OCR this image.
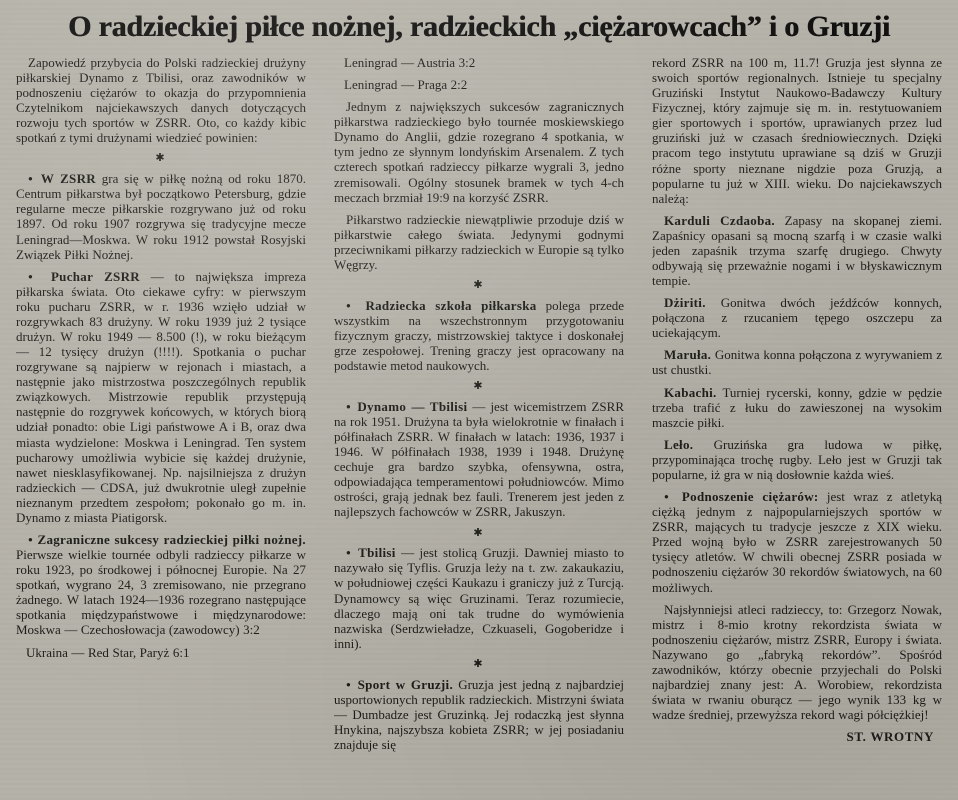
O radzieckiej piłce nożnej, radzieckich „ciężarowcach” i o Gruzji

Zapowiedź przybycia do Polski radzieckiej drużyny piłkarskiej Dynamo z Tbilisi, oraz zawodników w podnoszeniu ciężarów to okazja do przypomnienia Czytelnikom najciekawszych danych dotyczących rozwoju tych sportów w ZSRR. Oto, co każdy kibic spotkań z tymi drużynami wiedzieć powinien:

✱

● W ZSRR gra się w piłkę nożną od roku 1870. Centrum piłkarstwa był początkowo Petersburg, gdzie regularne mecze piłkarskie rozgrywano już od roku 1897. Od roku 1907 rozgrywa się tradycyjne mecze Leningrad—Moskwa. W roku 1912 powstał Rosyjski Związek Piłki Nożnej.

● Puchar ZSRR — to największa impreza piłkarska świata. Oto ciekawe cyfry: w pierwszym roku pucharu ZSRR, w r. 1936 wzięło udział w rozgrywkach 83 drużyny. W roku 1939 już 2 tysiące drużyn. W roku 1949 — 8.500 (!), w roku bieżącym — 12 tysięcy drużyn (!!!!). Spotkania o puchar rozgrywane są najpierw w rejonach i miastach, a następnie jako mistrzostwa poszczególnych republik związkowych. Mistrzowie republik przystępują następnie do rozgrywek końcowych, w których biorą udział ponadto: obie Ligi państwowe A i B, oraz dwa miasta wydzielone: Moskwa i Leningrad. Ten system pucharowy umożliwia wybicie się każdej drużynie, nawet niesklasyfikowanej. Np. najsilniejsza z drużyn radzieckich — CDSA, już dwukrotnie uległ zupełnie nieznanym przedtem zespołom; pokonało go m. in. Dynamo z miasta Piatigorsk.

● Zagraniczne sukcesy radzieckiej piłki nożnej. Pierwsze wielkie tournée odbyli radzieccy piłkarze w roku 1923, po środkowej i północnej Europie. Na 27 spotkań, wygrano 24, 3 zremisowano, nie przegrano żadnego. W latach 1924—1936 rozegrano następujące spotkania międzypaństwowe i międzynarodowe: Moskwa — Czechosłowacja (zawodowcy) 3:2

Ukraina — Red Star, Paryż 6:1

Leningrad — Austria 3:2

Leningrad — Praga 2:2

Jednym z największych sukcesów zagranicznych piłkarstwa radzieckiego było tournée moskiewskiego Dynamo do Anglii, gdzie rozegrano 4 spotkania, w tym jedno ze słynnym londyńskim Arsenalem. Z tych czterech spotkań radzieccy piłkarze wygrali 3, jedno zremisowali. Ogólny stosunek bramek w tych 4-ch meczach brzmiał 19:9 na korzyść ZSRR.

Piłkarstwo radzieckie niewątpliwie przoduje dziś w piłkarstwie całego świata. Jedynymi godnymi przeciwnikami piłkarzy radzieckich w Europie są tylko Węgrzy.

✱

● Radziecka szkoła piłkarska polega przede wszystkim na wszechstronnym przygotowaniu fizycznym graczy, mistrzowskiej taktyce i doskonałej grze zespołowej. Trening graczy jest opracowany na podstawie metod naukowych.

✱

● Dynamo — Tbilisi — jest wicemistrzem ZSRR na rok 1951. Drużyna ta była wielokrotnie w finałach i półfinałach ZSRR. W finałach w latach: 1936, 1937 i 1946. W półfinałach 1938, 1939 i 1948. Drużynę cechuje gra bardzo szybka, ofensywna, ostra, odpowiadająca temperamentowi południowców. Mimo ostrości, grają jednak bez fauli. Trenerem jest jeden z najlepszych fachowców w ZSRR, Jakuszyn.

✱

● Tbilisi — jest stolicą Gruzji. Dawniej miasto to nazywało się Tyflis. Gruzja leży na t. zw. zakaukaziu, w południowej części Kaukazu i graniczy już z Turcją. Dynamowcy są więc Gruzinami. Teraz rozumiecie, dlaczego mają oni tak trudne do wymówienia nazwiska (Serdzwieładze, Czkuaseli, Gogoberidze i inni).

✱

● Sport w Gruzji. Gruzja jest jedną z najbardziej usportowionych republik radzieckich. Mistrzyni świata — Dumbadze jest Gruzinką. Jej rodaczką jest słynna Hnykina, najszybsza kobieta ZSRR; w jej posiadaniu znajduje się

rekord ZSRR na 100 m, 11.7! Gruzja jest słynna ze swoich sportów regionalnych. Istnieje tu specjalny Gruziński Instytut Naukowo-Badawczy Kultury Fizycznej, który zajmuje się m. in. restytuowaniem gier sportowych i sportów, uprawianych przez lud gruziński już w czasach średniowiecznych. Dzięki pracom tego instytutu uprawiane są dziś w Gruzji różne sporty nieznane nigdzie poza Gruzją, a popularne tu już w XIII. wieku. Do najciekawszych należą:

Karduli Czdaoba. Zapasy na skopanej ziemi. Zapaśnicy opasani są mocną szarfą i w czasie walki jeden zapaśnik trzyma szarfę drugiego. Chwyty odbywają się przeważnie nogami i w błyskawicznym tempie.

Dżiriti. Gonitwa dwóch jeźdźców konnych, połączona z rzucaniem tępego oszczepu za uciekającym.

Maruła. Gonitwa konna połączona z wyrywaniem z ust chustki.

Kabachi. Turniej rycerski, konny, gdzie w pędzie trzeba trafić z łuku do zawieszonej na wysokim maszcie piłki.

Leło. Gruzińska gra ludowa w piłkę, przypominająca trochę rugby. Leło jest w Gruzji tak popularne, iż gra w nią dosłownie każda wieś.

● Podnoszenie ciężarów: jest wraz z atletyką ciężką jednym z najpopularniejszych sportów w ZSRR, mających tu tradycje jeszcze z XIX wieku. Przed wojną było w ZSRR zarejestrowanych 50 tysięcy atletów. W chwili obecnej ZSRR posiada w podnoszeniu ciężarów 30 rekordów światowych, na 60 możliwych.

Najsłynniejsi atleci radzieccy, to: Grzegorz Nowak, mistrz i 8-mio krotny rekordzista świata w podnoszeniu ciężarów, mistrz ZSRR, Europy i świata. Nazywano go „fabryką rekordów”. Spośród zawodników, którzy obecnie przyjechali do Polski najbardziej znany jest: A. Worobiew, rekordzista świata w rwaniu oburącz — jego wynik 133 kg w wadze średniej, przewyższa rekord wagi półciężkiej!

ST. WROTNY
